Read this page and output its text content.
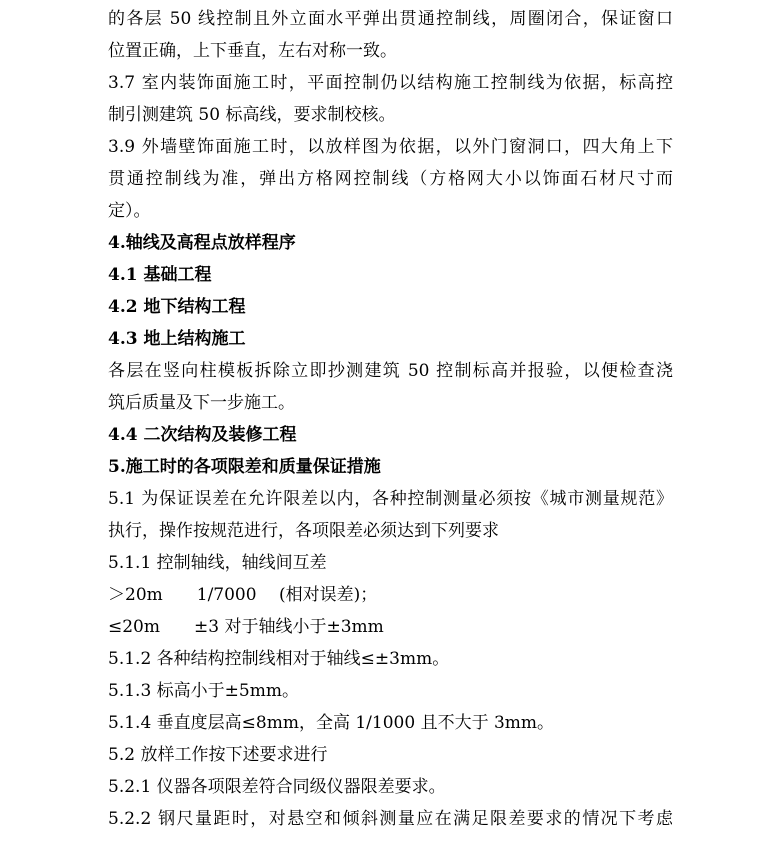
的各层 50 线控制且外立面水平弹出贯通控制线，周圈闭合，保证窗口
位置正确，上下垂直，左右对称一致。
3.7 室内装饰面施工时，平面控制仍以结构施工控制线为依据，标高控
制引测建筑 50 标高线，要求制校核。
3.9 外墙壁饰面施工时，以放样图为依据，以外门窗洞口，四大角上下
贯通控制线为准，弹出方格网控制线（方格网大小以饰面石材尺寸而
定）。
4.轴线及高程点放样程序
4.1 基础工程
4.2 地下结构工程
4.3 地上结构施工
各层在竖向柱模板拆除立即抄测建筑 50 控制标高并报验，以便检查浇
筑后质量及下一步施工。
4.4 二次结构及装修工程
5.施工时的各项限差和质量保证措施
5.1 为保证误差在允许限差以内，各种控制测量必须按《城市测量规范》
执行，操作按规范进行，各项限差必须达到下列要求
5.1.1 控制轴线，轴线间互差
＞20m　　1/7000　 (相对误差)；
≤20m　　±3 对于轴线小于±3mm
5.1.2 各种结构控制线相对于轴线≤±3mm。
5.1.3 标高小于±5mm。
5.1.4 垂直度层高≤8mm，全高 1/1000 且不大于 3mm。
5.2 放样工作按下述要求进行
5.2.1 仪器各项限差符合同级仪器限差要求。
5.2.2 钢尺量距时，对悬空和倾斜测量应在满足限差要求的情况下考虑
